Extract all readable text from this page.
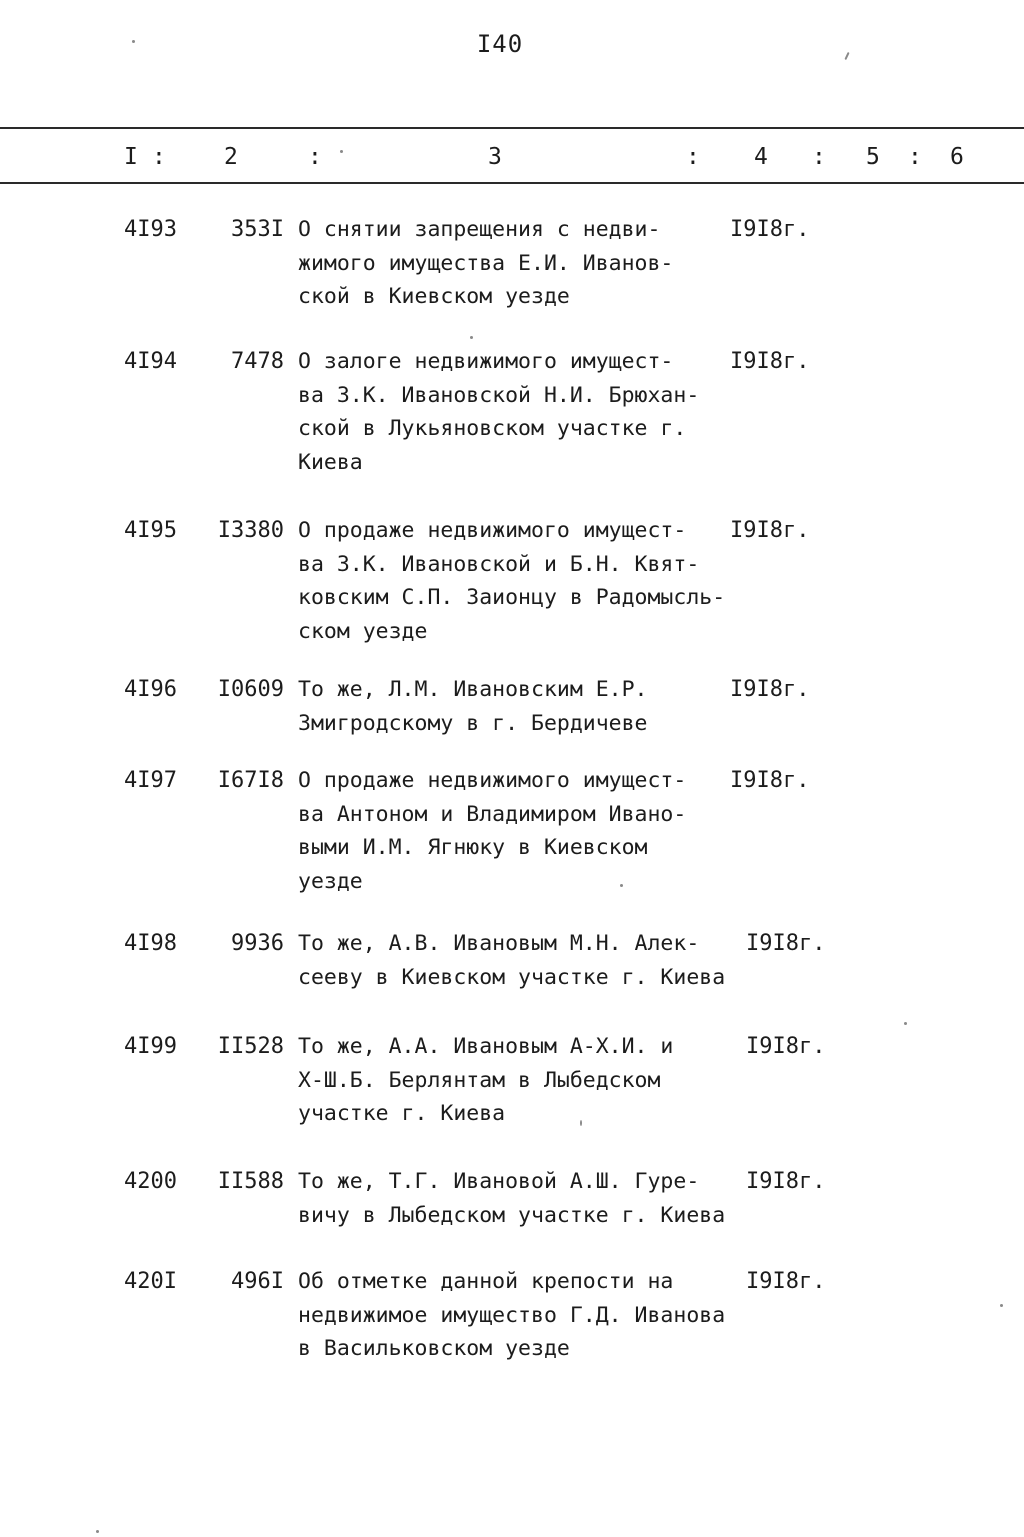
I40
I :	2	:	3	: 4 : 5 : 6
4I93	353I О снятии запрещения с недви-
жимого имущества Е.И. Иванов-
ской в Киевском уезде

I9I8г.
4I94	7478 О залоге недвижимого имущест-
ва З.К. Ивановской Н.И. Брюхан-
ской в Лукьяновском участке г.
Киева

I9I8г.
4I95	I3380 О продаже недвижимого имущест-
ва З.К. Ивановской и Б.Н. Квят-
ковским С.П. Заионцу в Радомысль-
ском уезде

I9I8г.
4I96	I0609 То же, Л.М. Ивановским Е.Р.
Змигродскому в г. Бердичеве

I9I8г.
4I97	I67I8 О продаже недвижимого имущест-
ва Антоном и Владимиром Ивано-
выми И.М. Ягнюку в Киевском
уезде

I9I8г.
4I98	9936 То же, А.В. Ивановым М.Н. Алек-
сееву в Киевском участке г. Киева

I9I8г.
4I99	II528 То же, А.А. Ивановым А-Х.И. и
Х-Ш.Б. Берлянтам в Лыбедском
участке г. Киева

I9I8г.
4200	II588 То же, Т.Г. Ивановой А.Ш. Гуре-
вичу в Лыбедском участке г. Киева

I9I8г.
420I	496I Об отметке данной крепости на
недвижимое имущество Г.Д. Иванова
в Васильковском уезде

I9I8г.
